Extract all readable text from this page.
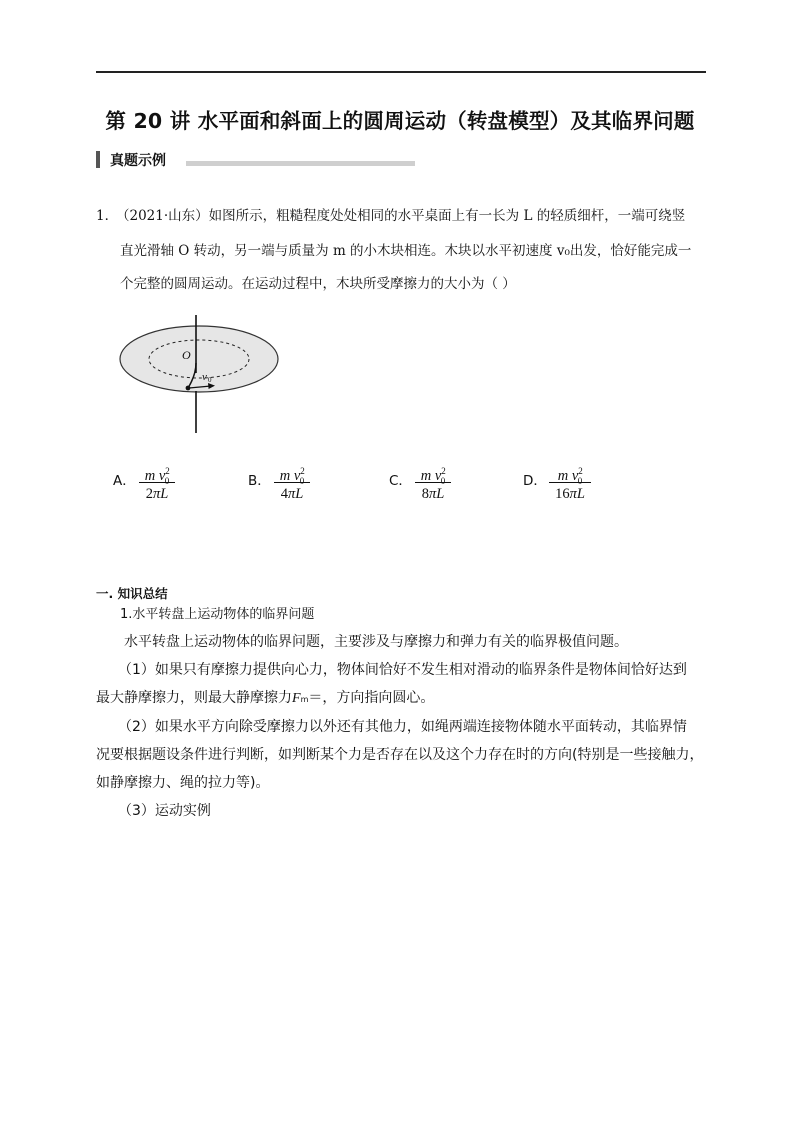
第 20 讲 水平面和斜面上的圆周运动（转盘模型）及其临界问题
真题示例
1．
（2021·山东）如图所示，粗糙程度处处相同的水平桌面上有一长为 L 的轻质细杆，一端可绕竖
直光滑轴 O 转动，另一端与质量为 m 的小木块相连。木块以水平初速度 v₀出发，恰好能完成一
个完整的圆周运动。在运动过程中，木块所受摩擦力的大小为（ ）
O
v 0
A． m $v^2_0$
2πL
B． m $v^2_0$
4πL
C． m $v^2_0$
8πL
D． m $v^2_0$
16πL
一. 知识总结
1.水平转盘上运动物体的临界问题
水平转盘上运动物体的临界问题，主要涉及与摩擦力和弹力有关的临界极值问题。
（1）如果只有摩擦力提供向心力，物体间恰好不发生相对滑动的临界条件是物体间恰好达到
最大静摩擦力，则最大静摩擦力Fm＝，方向指向圆心。
（2）如果水平方向除受摩擦力以外还有其他力，如绳两端连接物体随水平面转动，其临界情
况要根据题设条件进行判断，如判断某个力是否存在以及这个力存在时的方向(特别是一些接触力，
如静摩擦力、绳的拉力等)。
（3）运动实例
